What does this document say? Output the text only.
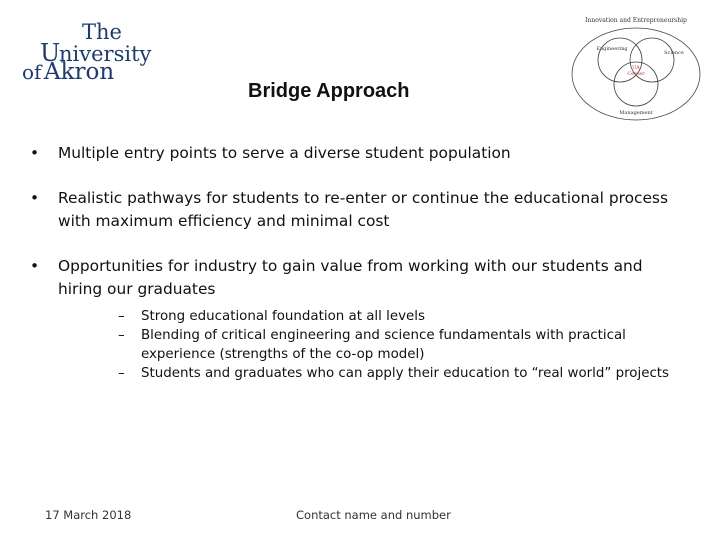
The
U
niversity
of Akron
Innovation and Entrepreneurship
Engineering
Science
UA
Center
Management
Bridge Approach
• Multiple entry points to serve a diverse student population
• Realistic pathways for students to re-enter or continue the educational process with maximum efficiency and minimal cost
• Opportunities for industry to gain value from working with our students and hiring our graduates
– Strong educational foundation at all levels
– Blending of critical engineering and science fundamentals with practical experience (strengths of the co-op model)
– Students and graduates who can apply their education to “real world” projects
17 March 2018	Contact name and number
